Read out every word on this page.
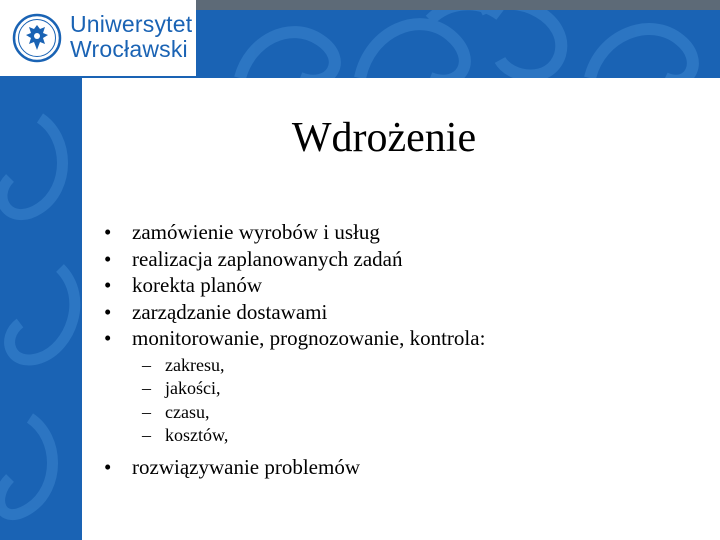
Uniwersytet
Wrocławski
Wdrożenie
• zamówienie wyrobów i usług
• realizacja zaplanowanych zadań
• korekta planów
• zarządzanie dostawami
• monitorowanie, prognozowanie, kontrola:
– zakresu,
– jakości,
– czasu,
– kosztów,
• rozwiązywanie problemów
